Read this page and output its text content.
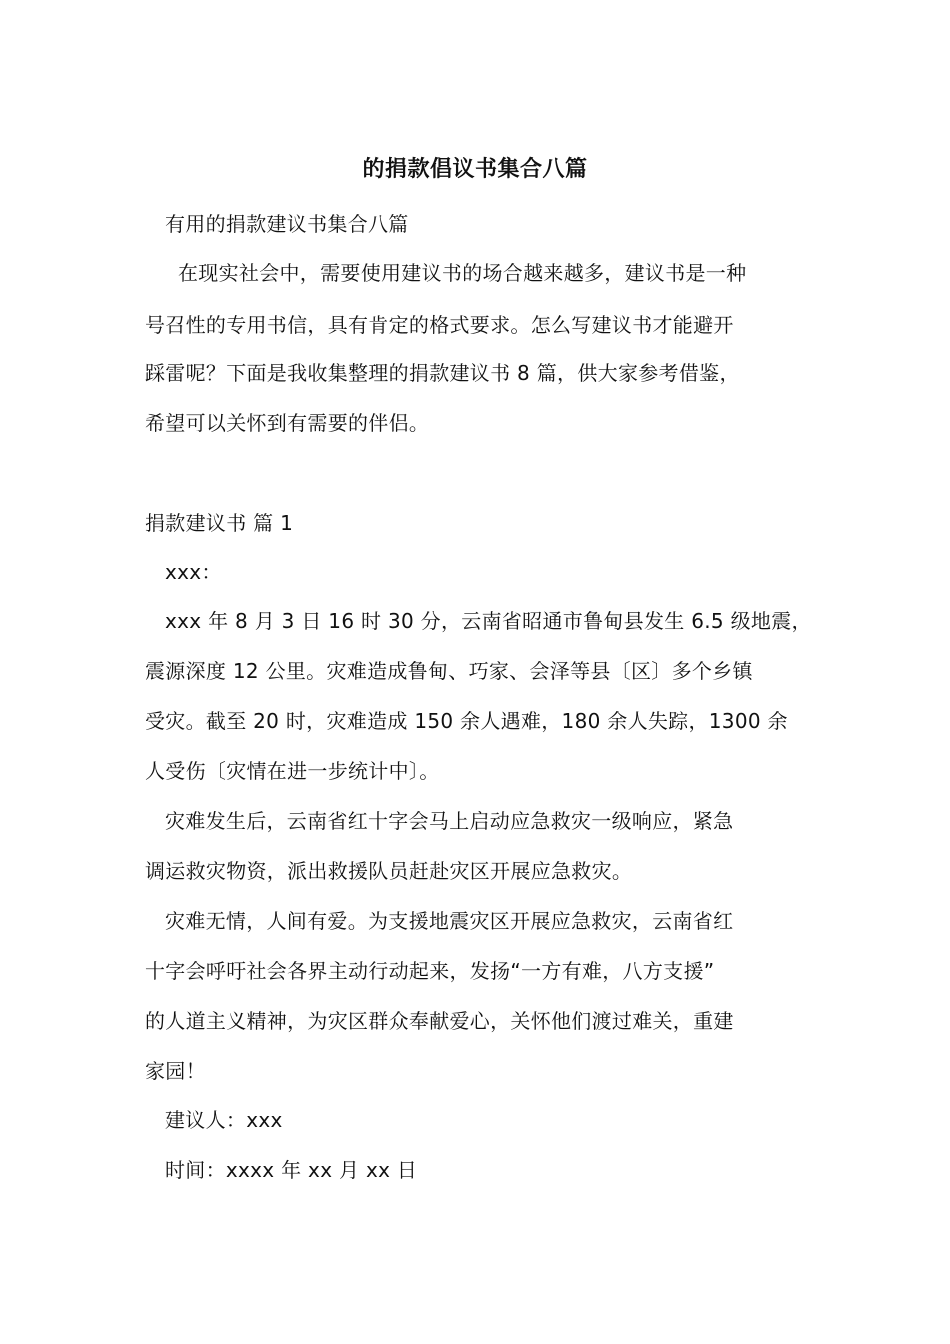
的捐款倡议书集合八篇
有用的捐款建议书集合八篇
在现实社会中，需要使用建议书的场合越来越多，建议书是一种
号召性的专用书信，具有肯定的格式要求。怎么写建议书才能避开
踩雷呢？下面是我收集整理的捐款建议书 8 篇，供大家参考借鉴，
希望可以关怀到有需要的伴侣。
捐款建议书 篇 1
xxx：
xxx 年 8 月 3 日 16 时 30 分，云南省昭通市鲁甸县发生 6.5 级地震，
震源深度 12 公里。灾难造成鲁甸、巧家、会泽等县〔区〕多个乡镇
受灾。截至 20 时，灾难造成 150 余人遇难，180 余人失踪，1300 余
人受伤〔灾情在进一步统计中〕。
灾难发生后，云南省红十字会马上启动应急救灾一级响应，紧急
调运救灾物资，派出救援队员赶赴灾区开展应急救灾。
灾难无情，人间有爱。为支援地震灾区开展应急救灾，云南省红
十字会呼吁社会各界主动行动起来，发扬“一方有难，八方支援”
的人道主义精神，为灾区群众奉献爱心，关怀他们渡过难关，重建
家园！
建议人：xxx
时间：xxxx 年 xx 月 xx 日
